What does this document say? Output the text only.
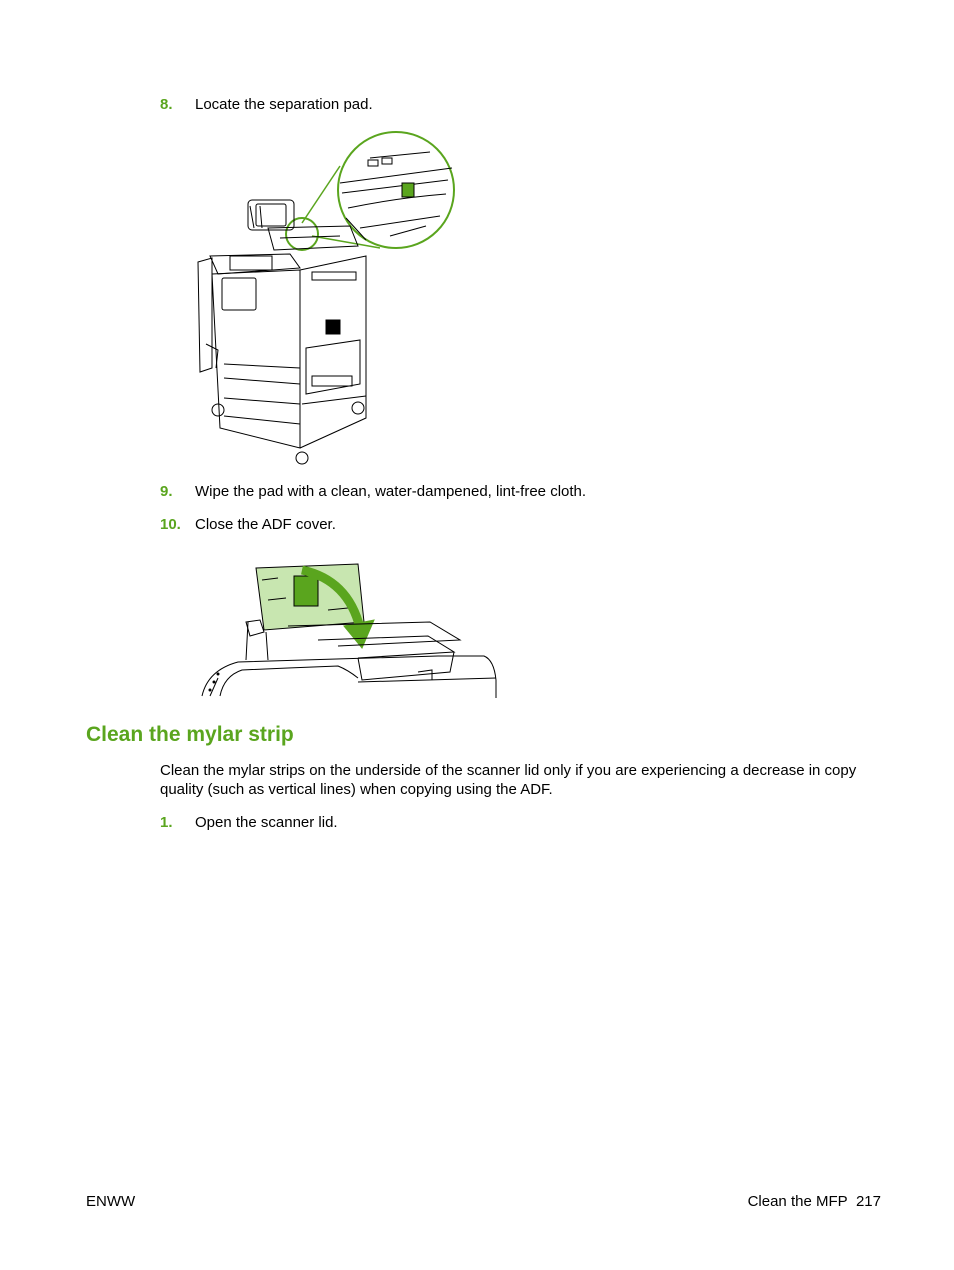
8. Locate the separation pad.
9. Wipe the pad with a clean, water-dampened, lint-free cloth.
10. Close the ADF cover.
Clean the mylar strip

Clean the mylar strips on the underside of the scanner lid only if you are experiencing a decrease in copy quality (such as vertical lines) when copying using the ADF.

1. Open the scanner lid.
ENWW	Clean the MFP 217
